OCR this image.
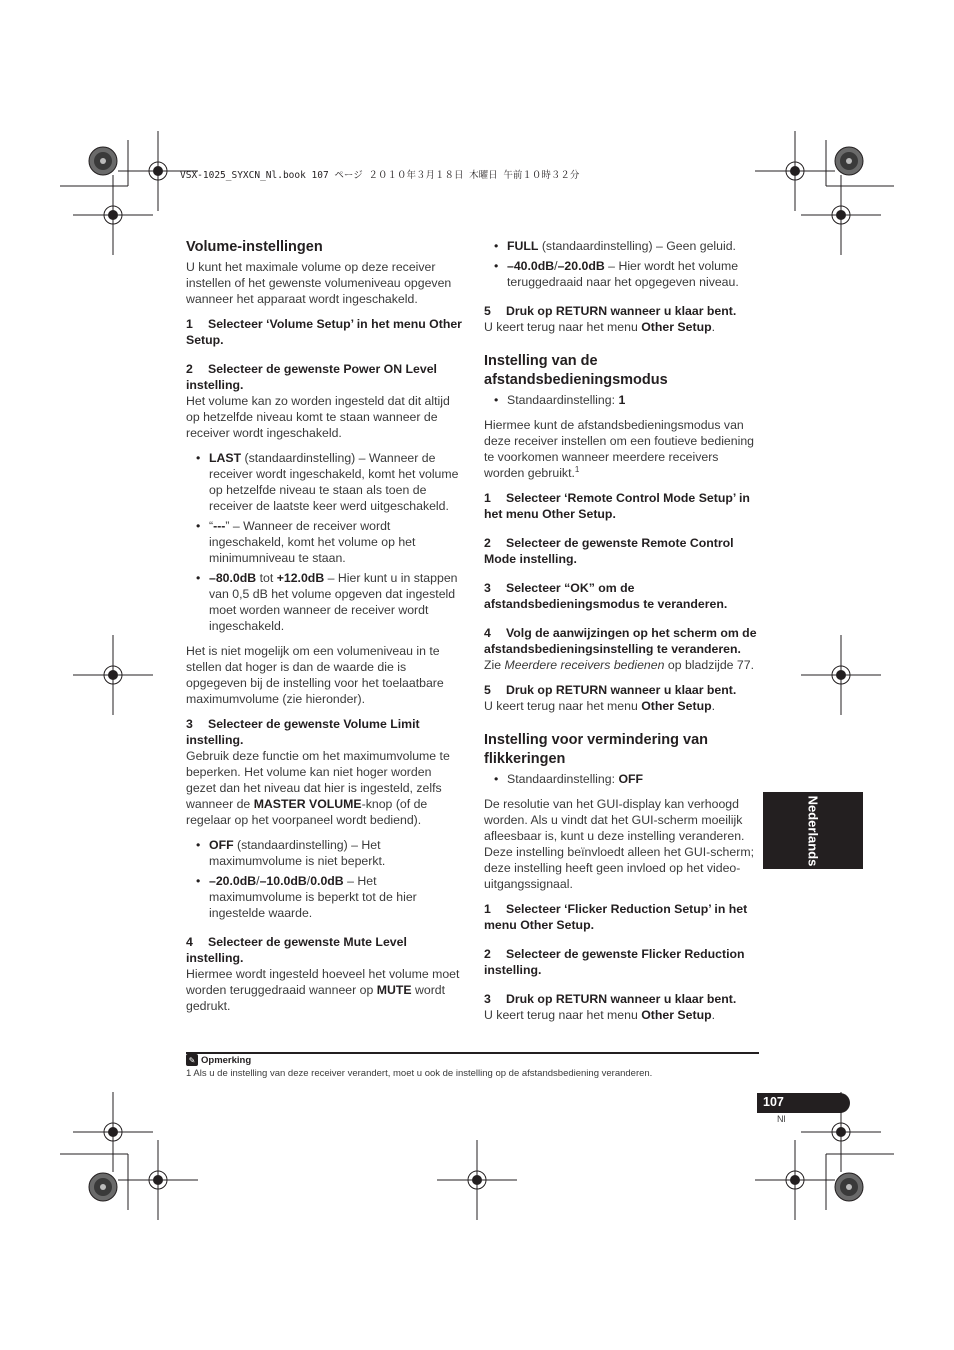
VSX-1025_SYXCN_Nl.book 107 ページ ２０１０年３月１８日 木曜日 午前１０時３２分
Volume-instellingen

U kunt het maximale volume op deze receiver instellen of het gewenste volumeniveau opgeven wanneer het apparaat wordt ingeschakeld.

1 Selecteer ‘Volume Setup’ in het menu Other Setup.

2 Selecteer de gewenste Power ON Level instelling.

Het volume kan zo worden ingesteld dat dit altijd op hetzelfde niveau komt te staan wanneer de receiver wordt ingeschakeld.

• LAST (standaardinstelling) – Wanneer de receiver wordt ingeschakeld, komt het volume op hetzelfde niveau te staan als toen de receiver de laatste keer werd uitgeschakeld.
• “---” – Wanneer de receiver wordt ingeschakeld, komt het volume op het minimumniveau te staan.
• –80.0dB tot +12.0dB – Hier kunt u in stappen van 0,5 dB het volume opgeven dat ingesteld moet worden wanneer de receiver wordt ingeschakeld.

Het is niet mogelijk om een volumeniveau in te stellen dat hoger is dan de waarde die is opgegeven bij de instelling voor het toelaatbare maximumvolume (zie hieronder).

3 Selecteer de gewenste Volume Limit instelling.

Gebruik deze functie om het maximumvolume te beperken. Het volume kan niet hoger worden gezet dan het niveau dat hier is ingesteld, zelfs wanneer de MASTER VOLUME-knop (of de regelaar op het voorpaneel wordt bediend).

• OFF (standaardinstelling) – Het maximumvolume is niet beperkt.
• –20.0dB/–10.0dB/0.0dB – Het maximumvolume is beperkt tot de hier ingestelde waarde.

4 Selecteer de gewenste Mute Level instelling.

Hiermee wordt ingesteld hoeveel het volume moet worden teruggedraaid wanneer op MUTE wordt gedrukt.

• FULL (standaardinstelling) – Geen geluid.
• –40.0dB/–20.0dB – Hier wordt het volume teruggedraaid naar het opgegeven niveau.

5 Druk op RETURN wanneer u klaar bent.

U keert terug naar het menu Other Setup.

Instelling van de afstandsbedieningsmodus
• Standaardinstelling: 1

Hiermee kunt de afstandsbedieningsmodus van deze receiver instellen om een foutieve bediening te voorkomen wanneer meerdere receivers worden gebruikt.$^1$

1 Selecteer ‘Remote Control Mode Setup’ in het menu Other Setup.

2 Selecteer de gewenste Remote Control Mode instelling.

3 Selecteer “OK” om de afstandsbedieningsmodus te veranderen.

4 Volg de aanwijzingen op het scherm om de afstandsbedieningsinstelling te veranderen.

Zie Meerdere receivers bedienen op bladzijde 77.

5 Druk op RETURN wanneer u klaar bent.

U keert terug naar het menu Other Setup.

Instelling voor vermindering van flikkeringen
• Standaardinstelling: OFF

De resolutie van het GUI-display kan verhoogd worden. Als u vindt dat het GUI-scherm moeilijk afleesbaar is, kunt u deze instelling veranderen. Deze instelling beïnvloedt alleen het GUI-scherm; deze instelling heeft geen invloed op het video-uitgangssignaal.

1 Selecteer ‘Flicker Reduction Setup’ in het menu Other Setup.

2 Selecteer de gewenste Flicker Reduction instelling.

3 Druk op RETURN wanneer u klaar bent.

U keert terug naar het menu Other Setup.

Nederlands
✎ Opmerking
1 Als u de instelling van deze receiver verandert, moet u ook de instelling op de afstandsbediening veranderen.
107
Nl
